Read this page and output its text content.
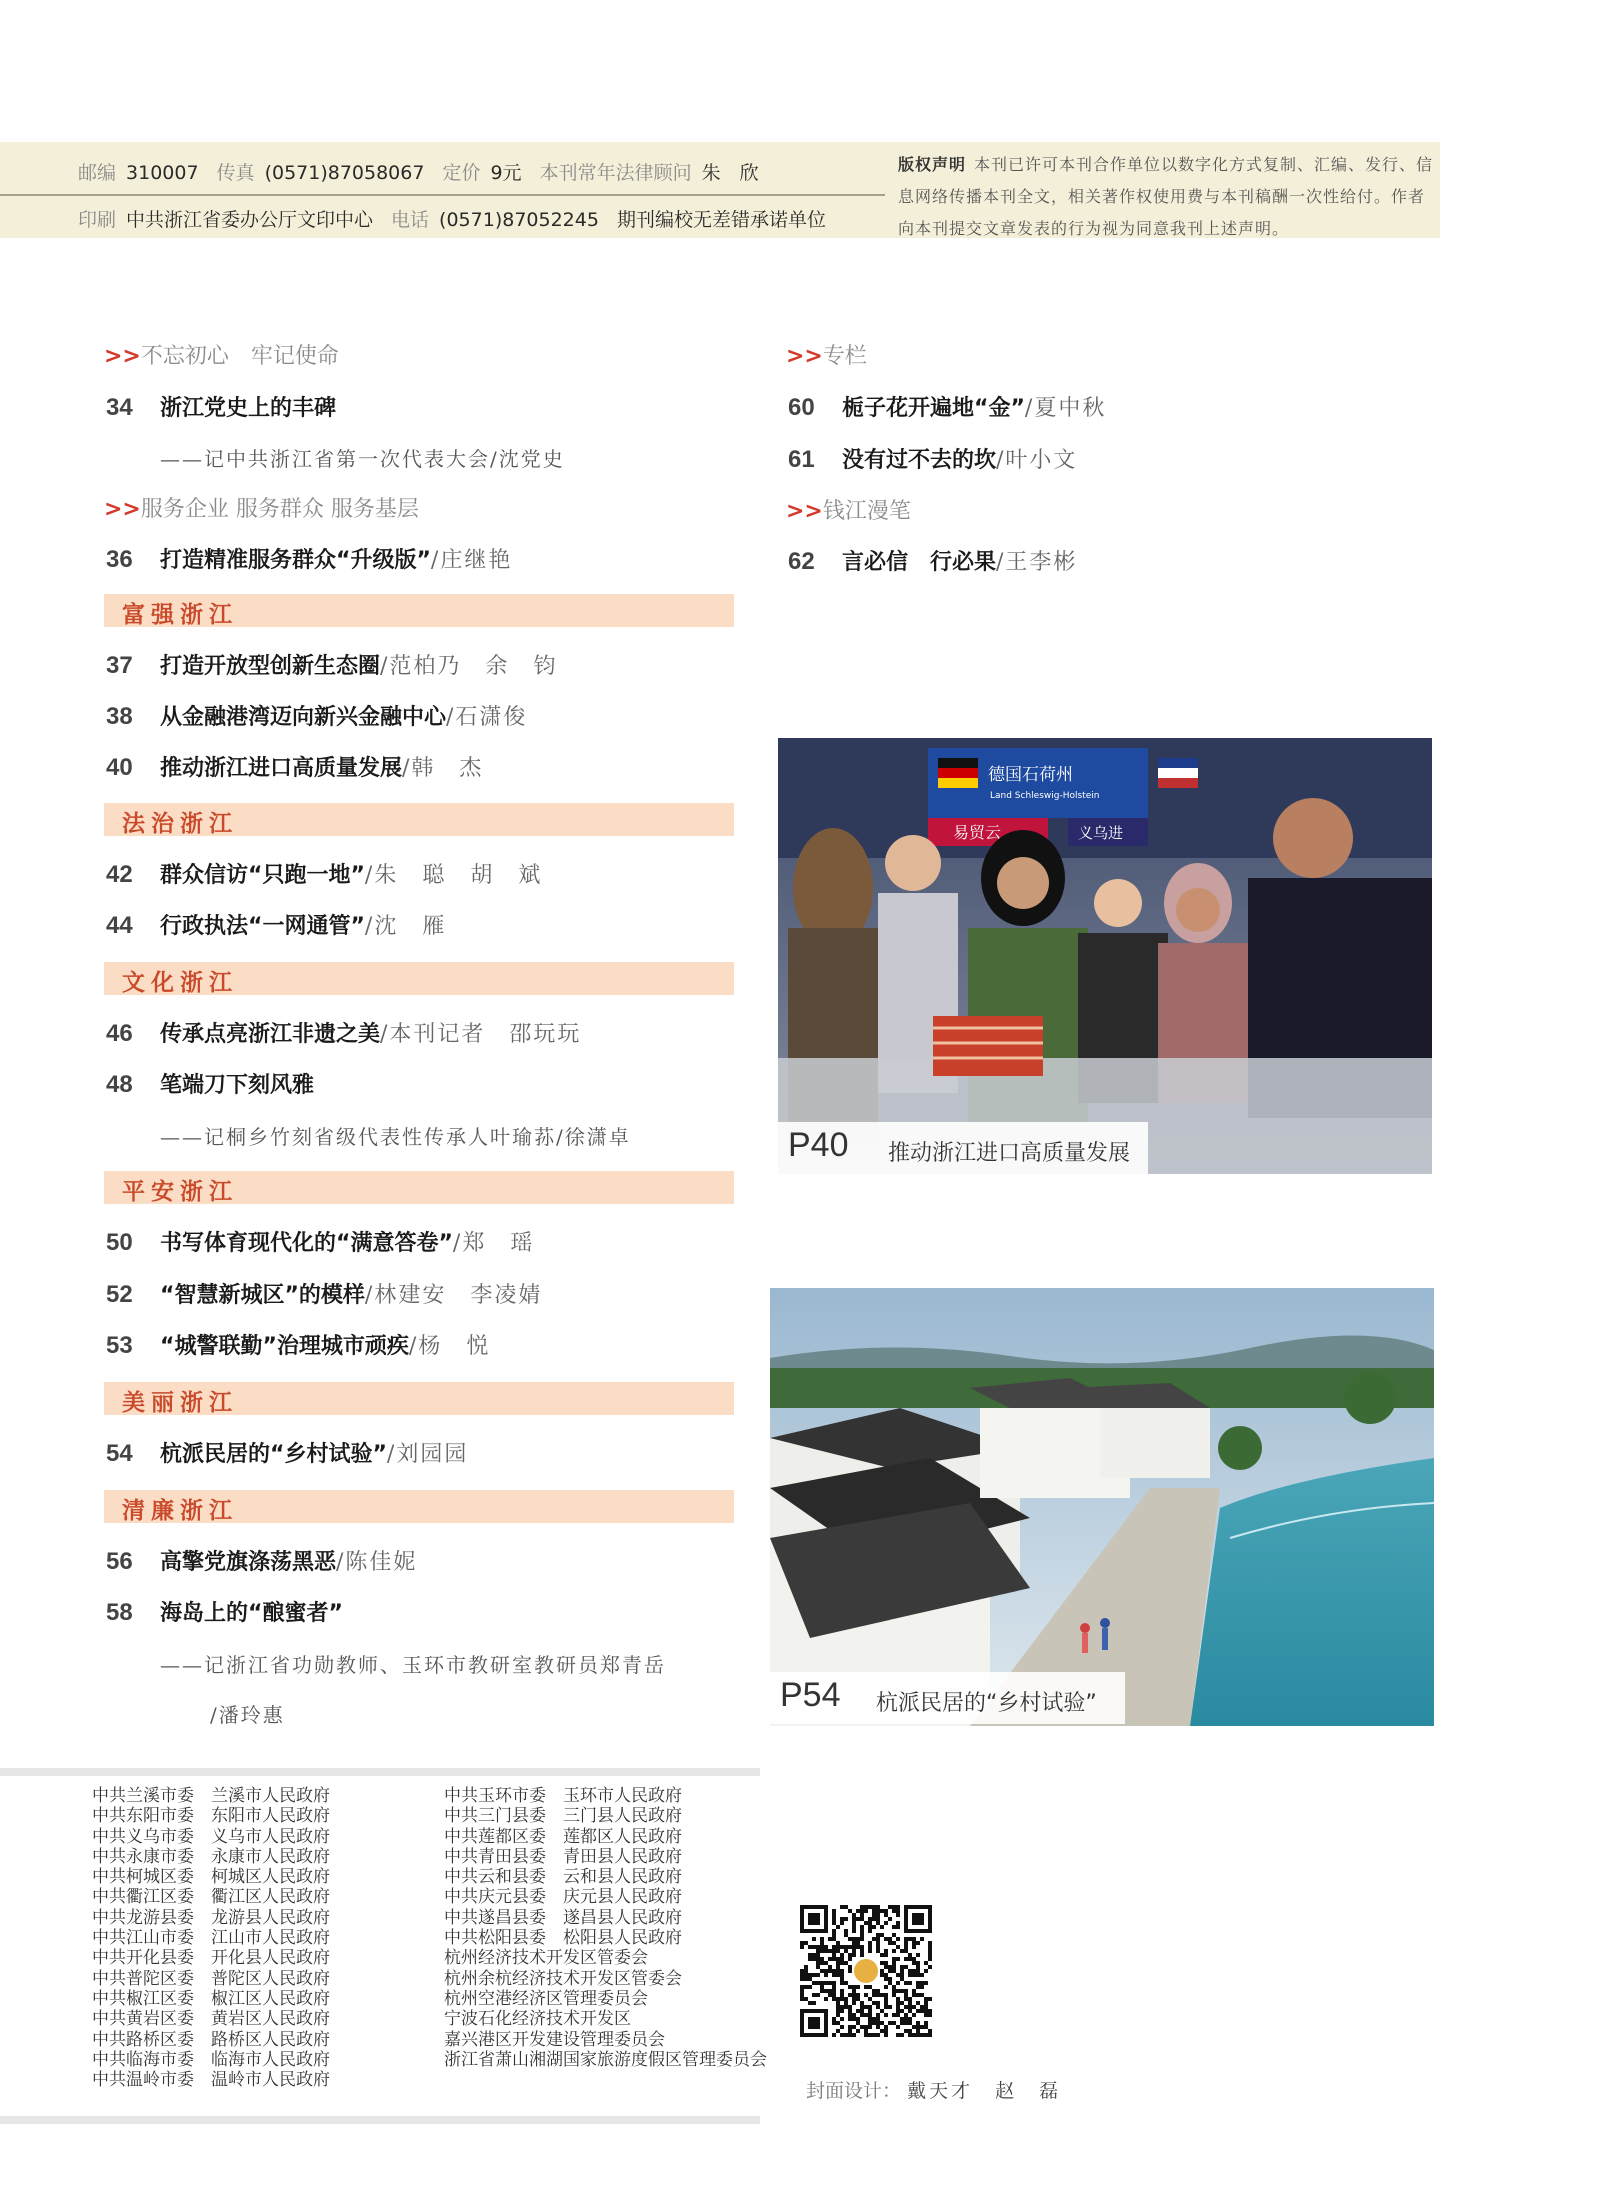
邮编 310007 传真 (0571)87058067 定价 9元 本刊常年法律顾问 朱　欣
印刷 中共浙江省委办公厅文印中心 电话 (0571)87052245 期刊编校无差错承诺单位
版权声明 本刊已许可本刊合作单位以数字化方式复制、汇编、发行、信息网络传播本刊全文，相关著作权使用费与本刊稿酬一次性给付。作者向本刊提交文章发表的行为视为同意我刊上述声明。
>>不忘初心　牢记使命
34 浙江党史上的丰碑
——记中共浙江省第一次代表大会/沈党史
>>服务企业 服务群众 服务基层
36 打造精准服务群众“升级版”/庄继艳
富强浙江
37 打造开放型创新生态圈/范柏乃　余　钧
38 从金融港湾迈向新兴金融中心/石潇俊
40 推动浙江进口高质量发展/韩　杰
法治浙江
42 群众信访“只跑一地”/朱　聪　胡　斌
44 行政执法“一网通管”/沈　雁
文化浙江
46 传承点亮浙江非遗之美/本刊记者　邵玩玩
48 笔端刀下刻风雅
——记桐乡竹刻省级代表性传承人叶瑜荪/徐潇卓
平安浙江
50 书写体育现代化的“满意答卷”/郑　瑶
52 “智慧新城区”的模样/林建安　李凌婧
53 “城警联勤”治理城市顽疾/杨　悦
美丽浙江
54 杭派民居的“乡村试验”/刘园园
清廉浙江
56 高擎党旗涤荡黑恶/陈佳妮
58 海岛上的“酿蜜者”
——记浙江省功勋教师、玉环市教研室教研员郑青岳
/潘玲惠
>>专栏
60 栀子花开遍地“金”/夏中秋
61 没有过不去的坎/叶小文
>>钱江漫笔
62 言必信　行必果/王李彬
德国石荷州
Land Schleswig-Holstein
易贸云	义乌进
P40 推动浙江进口高质量发展
P54 杭派民居的“乡村试验”
中共兰溪市委　兰溪市人民政府
中共东阳市委　东阳市人民政府
中共义乌市委　义乌市人民政府
中共永康市委　永康市人民政府
中共柯城区委　柯城区人民政府
中共衢江区委　衢江区人民政府
中共龙游县委　龙游县人民政府
中共江山市委　江山市人民政府
中共开化县委　开化县人民政府
中共普陀区委　普陀区人民政府
中共椒江区委　椒江区人民政府
中共黄岩区委　黄岩区人民政府
中共路桥区委　路桥区人民政府
中共临海市委　临海市人民政府
中共温岭市委　温岭市人民政府
中共玉环市委　玉环市人民政府
中共三门县委　三门县人民政府
中共莲都区委　莲都区人民政府
中共青田县委　青田县人民政府
中共云和县委　云和县人民政府
中共庆元县委　庆元县人民政府
中共遂昌县委　遂昌县人民政府
中共松阳县委　松阳县人民政府
杭州经济技术开发区管委会
杭州余杭经济技术开发区管委会
杭州空港经济区管理委员会
宁波石化经济技术开发区
嘉兴港区开发建设管理委员会
浙江省萧山湘湖国家旅游度假区管理委员会
封面设计： 戴天才　赵　磊
